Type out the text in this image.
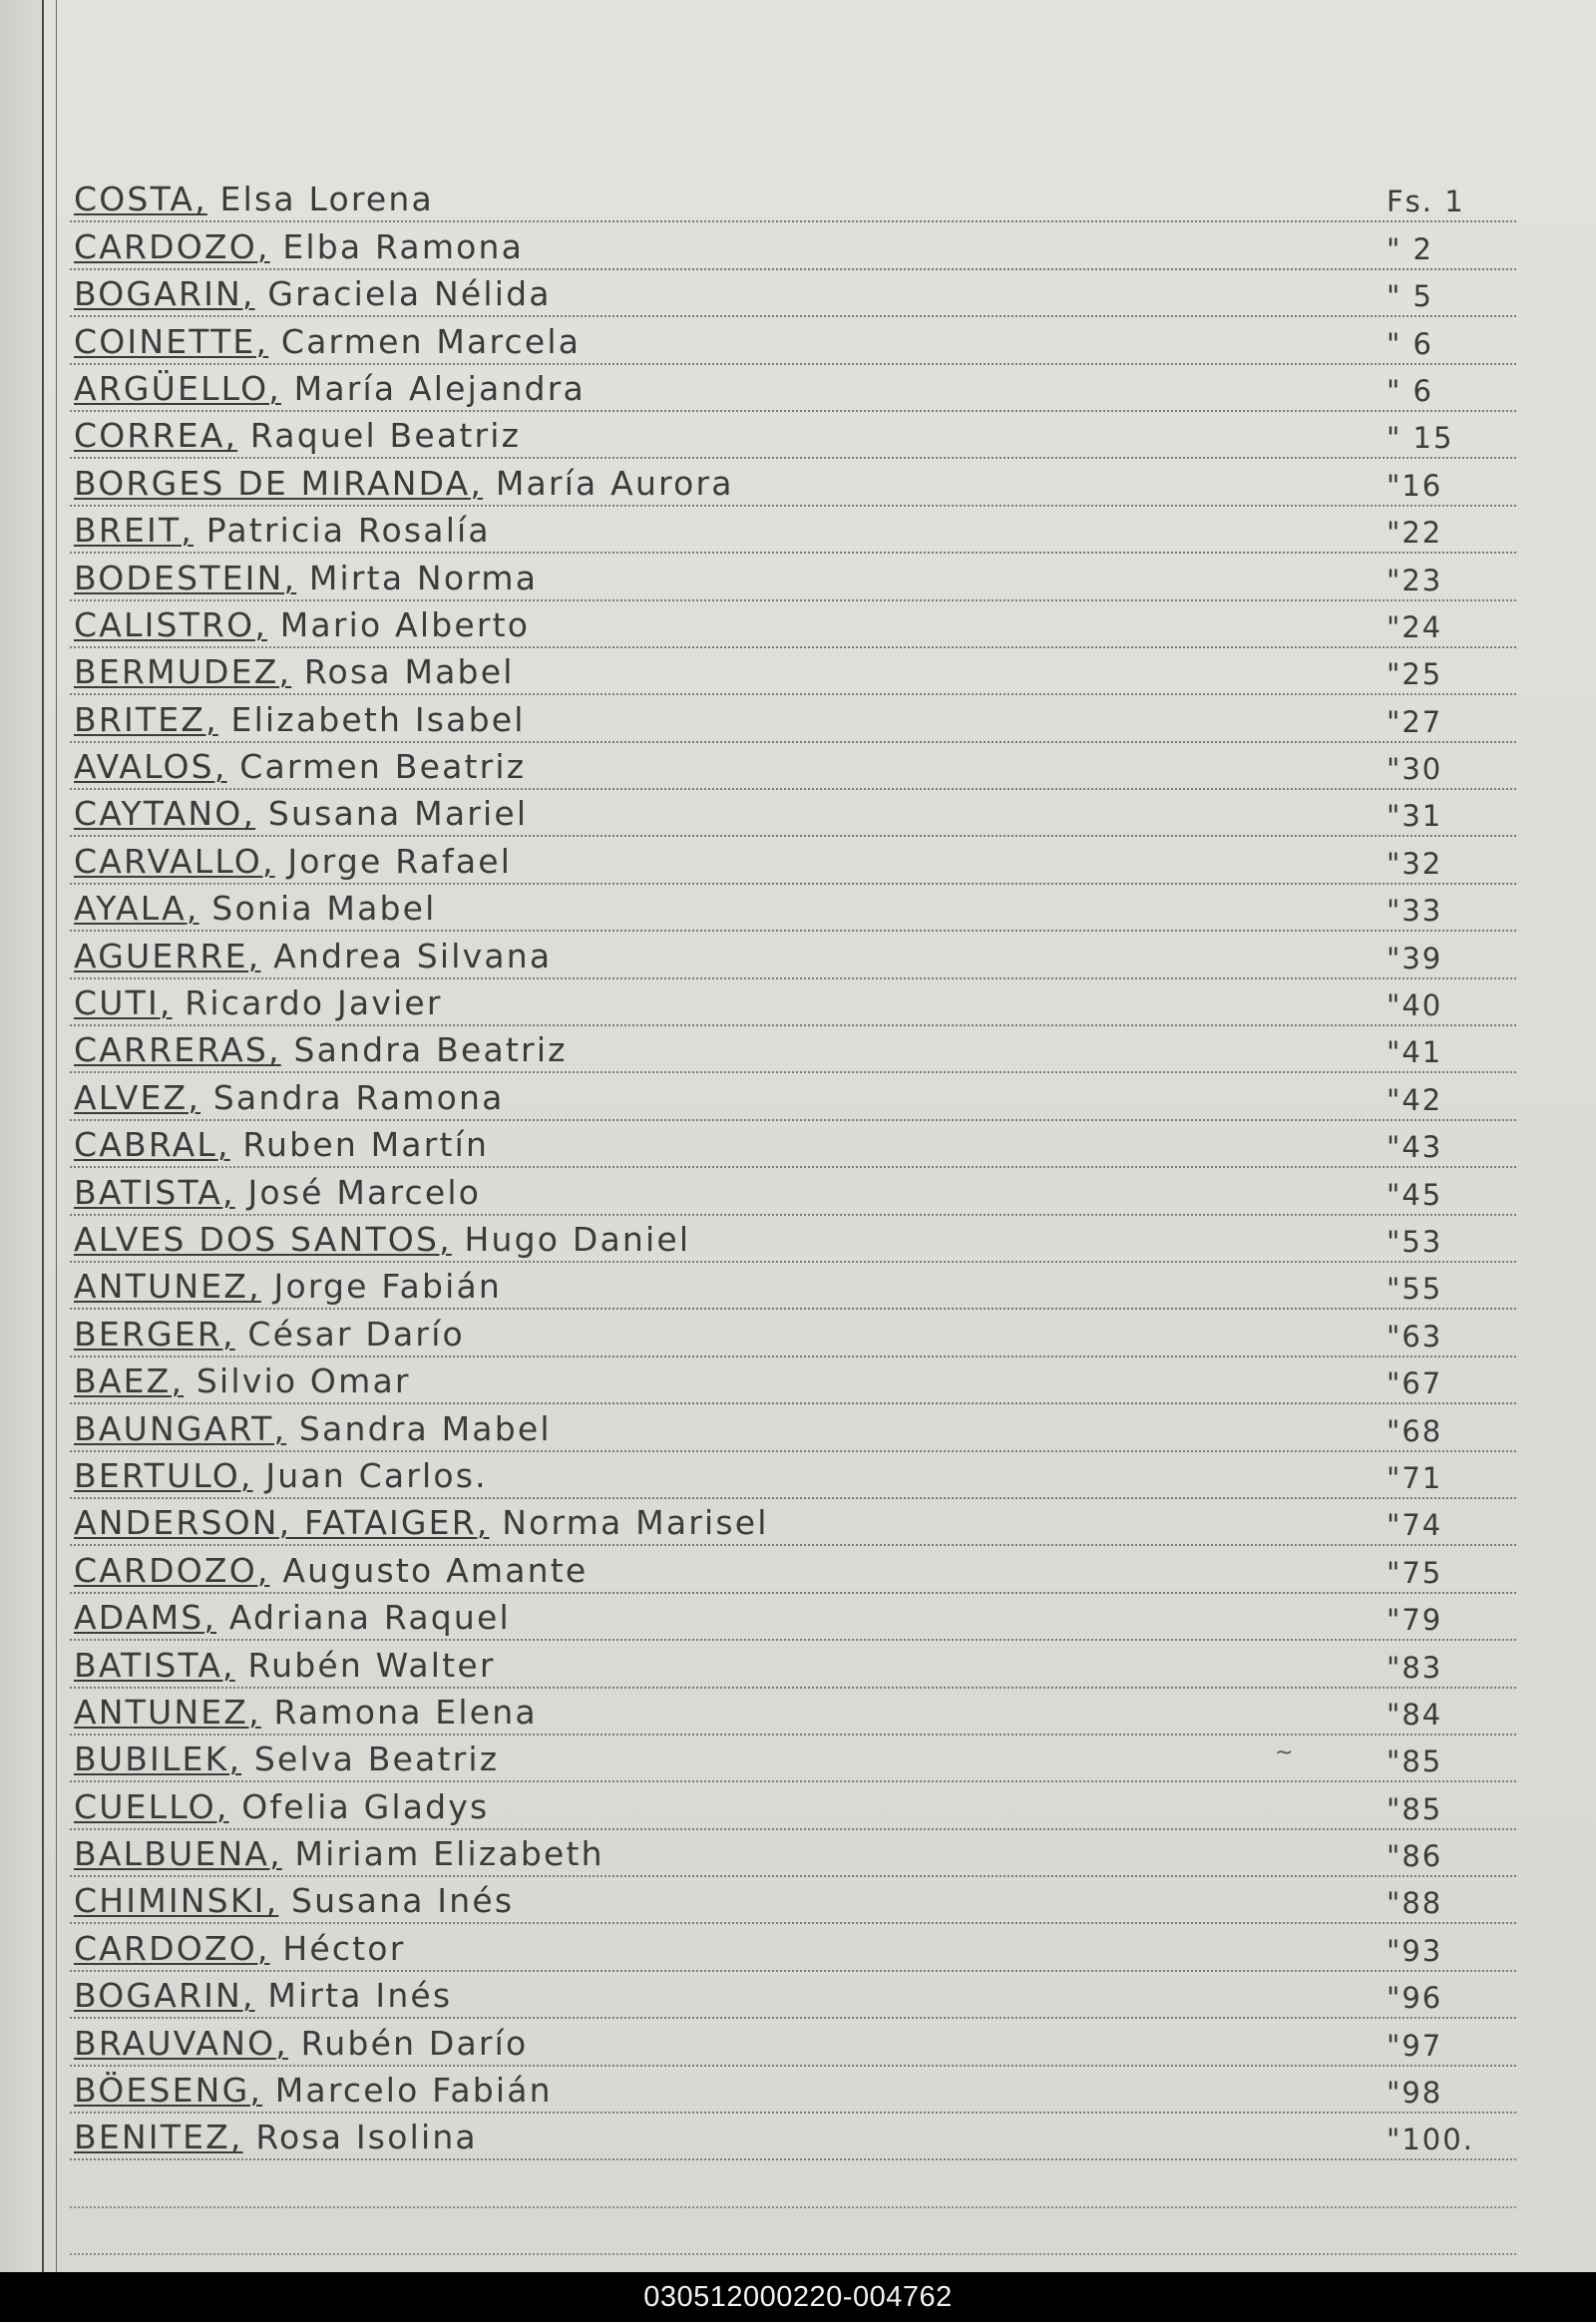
COSTA, Elsa Lorena	Fs. 1
CARDOZO, Elba Ramona	" 2
BOGARIN, Graciela Nélida	" 5
COINETTE, Carmen Marcela	" 6
ARGÜELLO, María Alejandra	" 6
CORREA, Raquel Beatriz	" 15
BORGES DE MIRANDA, María Aurora	"16
BREIT, Patricia Rosalía	"22
BODESTEIN, Mirta Norma	"23
CALISTRO, Mario Alberto	"24
BERMUDEZ, Rosa Mabel	"25
BRITEZ, Elizabeth Isabel	"27
AVALOS, Carmen Beatriz	"30
CAYTANO, Susana Mariel	"31
CARVALLO, Jorge Rafael	"32
AYALA, Sonia Mabel	"33
AGUERRE, Andrea Silvana	"39
CUTI, Ricardo Javier	"40
CARRERAS, Sandra Beatriz	"41
ALVEZ, Sandra Ramona	"42
CABRAL, Ruben Martín	"43
BATISTA, José Marcelo	"45
ALVES DOS SANTOS, Hugo Daniel	"53
ANTUNEZ, Jorge Fabián	"55
BERGER, César Darío	"63
BAEZ, Silvio Omar	"67
BAUNGART, Sandra Mabel	"68
BERTULO, Juan Carlos.	"71
ANDERSON, FATAIGER, Norma Marisel	"74
CARDOZO, Augusto Amante	"75
ADAMS, Adriana Raquel	"79
BATISTA, Rubén Walter	"83
ANTUNEZ, Ramona Elena	"84
BUBILEK, Selva Beatriz	"85
CUELLO, Ofelia Gladys	"85
BALBUENA, Miriam Elizabeth	"86
CHIMINSKI, Susana Inés	"88
CARDOZO, Héctor	"93
BOGARIN, Mirta Inés	"96
BRAUVANO, Rubén Darío	"97
BÖESENG, Marcelo Fabián	"98
BENITEZ, Rosa Isolina	"100.
~
030512000220-004762
